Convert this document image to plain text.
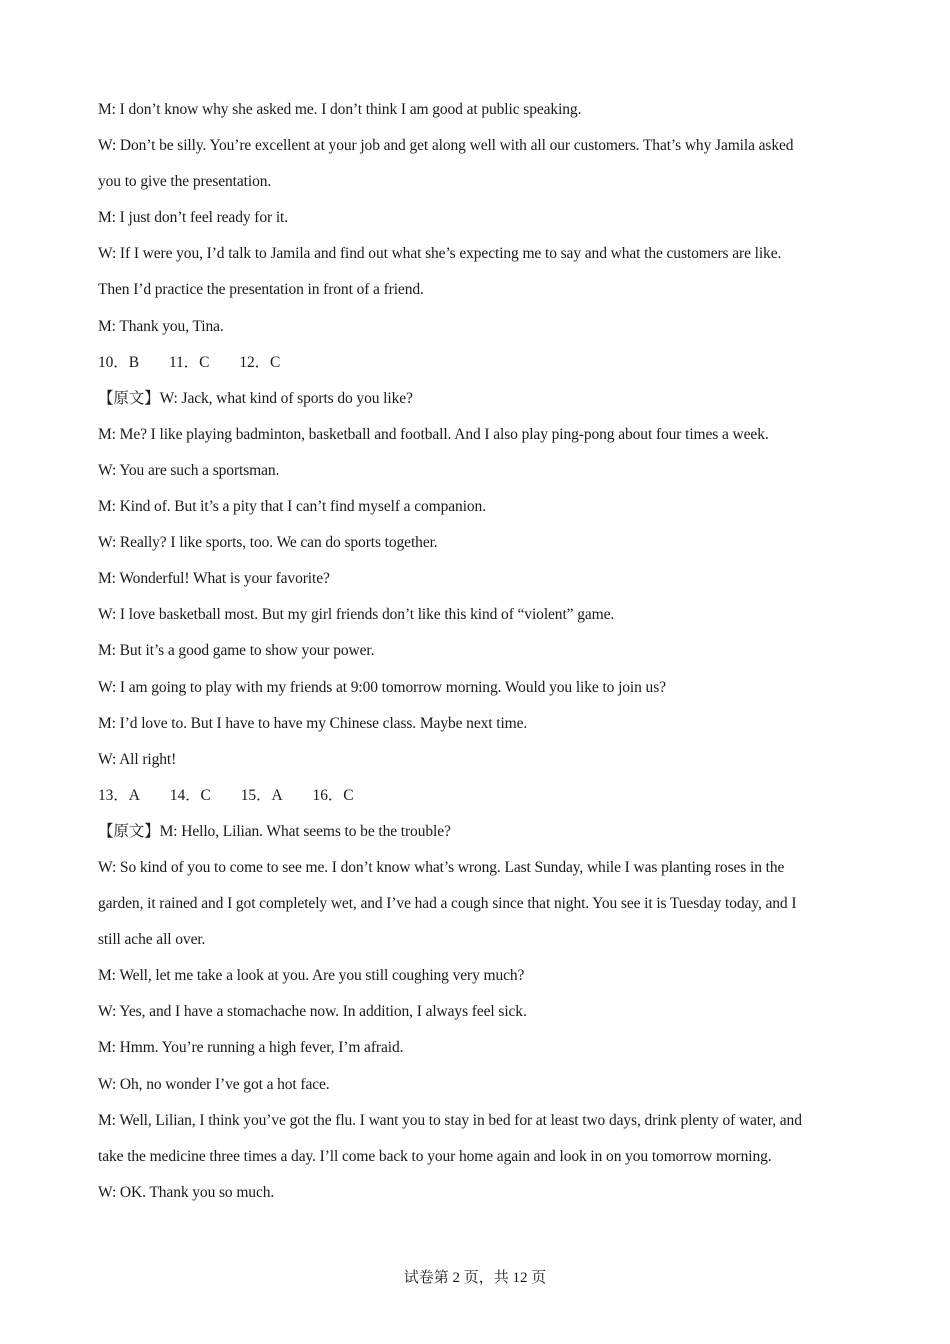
M: I don’t know why she asked me. I don’t think I am good at public speaking.
W: Don’t be silly. You’re excellent at your job and get along well with all our customers. That’s why Jamila asked
you to give the presentation.
M: I just don’t feel ready for it.
W: If I were you, I’d talk to Jamila and find out what she’s expecting me to say and what the customers are like.
Then I’d practice the presentation in front of a friend.
M: Thank you, Tina.
10．B 11．C 12．C
【原文】W: Jack, what kind of sports do you like?
M: Me? I like playing badminton, basketball and football. And I also play ping-pong about four times a week.
W: You are such a sportsman.
M: Kind of. But it’s a pity that I can’t find myself a companion.
W: Really? I like sports, too. We can do sports together.
M: Wonderful! What is your favorite?
W: I love basketball most. But my girl friends don’t like this kind of “violent” game.
M: But it’s a good game to show your power.
W: I am going to play with my friends at 9:00 tomorrow morning. Would you like to join us?
M: I’d love to. But I have to have my Chinese class. Maybe next time.
W: All right!
13．A 14．C 15．A 16．C
【原文】M: Hello, Lilian. What seems to be the trouble?
W: So kind of you to come to see me. I don’t know what’s wrong. Last Sunday, while I was planting roses in the
garden, it rained and I got completely wet, and I’ve had a cough since that night. You see it is Tuesday today, and I
still ache all over.
M: Well, let me take a look at you. Are you still coughing very much?
W: Yes, and I have a stomachache now. In addition, I always feel sick.
M: Hmm. You’re running a high fever, I’m afraid.
W: Oh, no wonder I’ve got a hot face.
M: Well, Lilian, I think you’ve got the flu. I want you to stay in bed for at least two days, drink plenty of water, and
take the medicine three times a day. I’ll come back to your home again and look in on you tomorrow morning.
W: OK. Thank you so much.
试卷第 2 页，共 12 页
